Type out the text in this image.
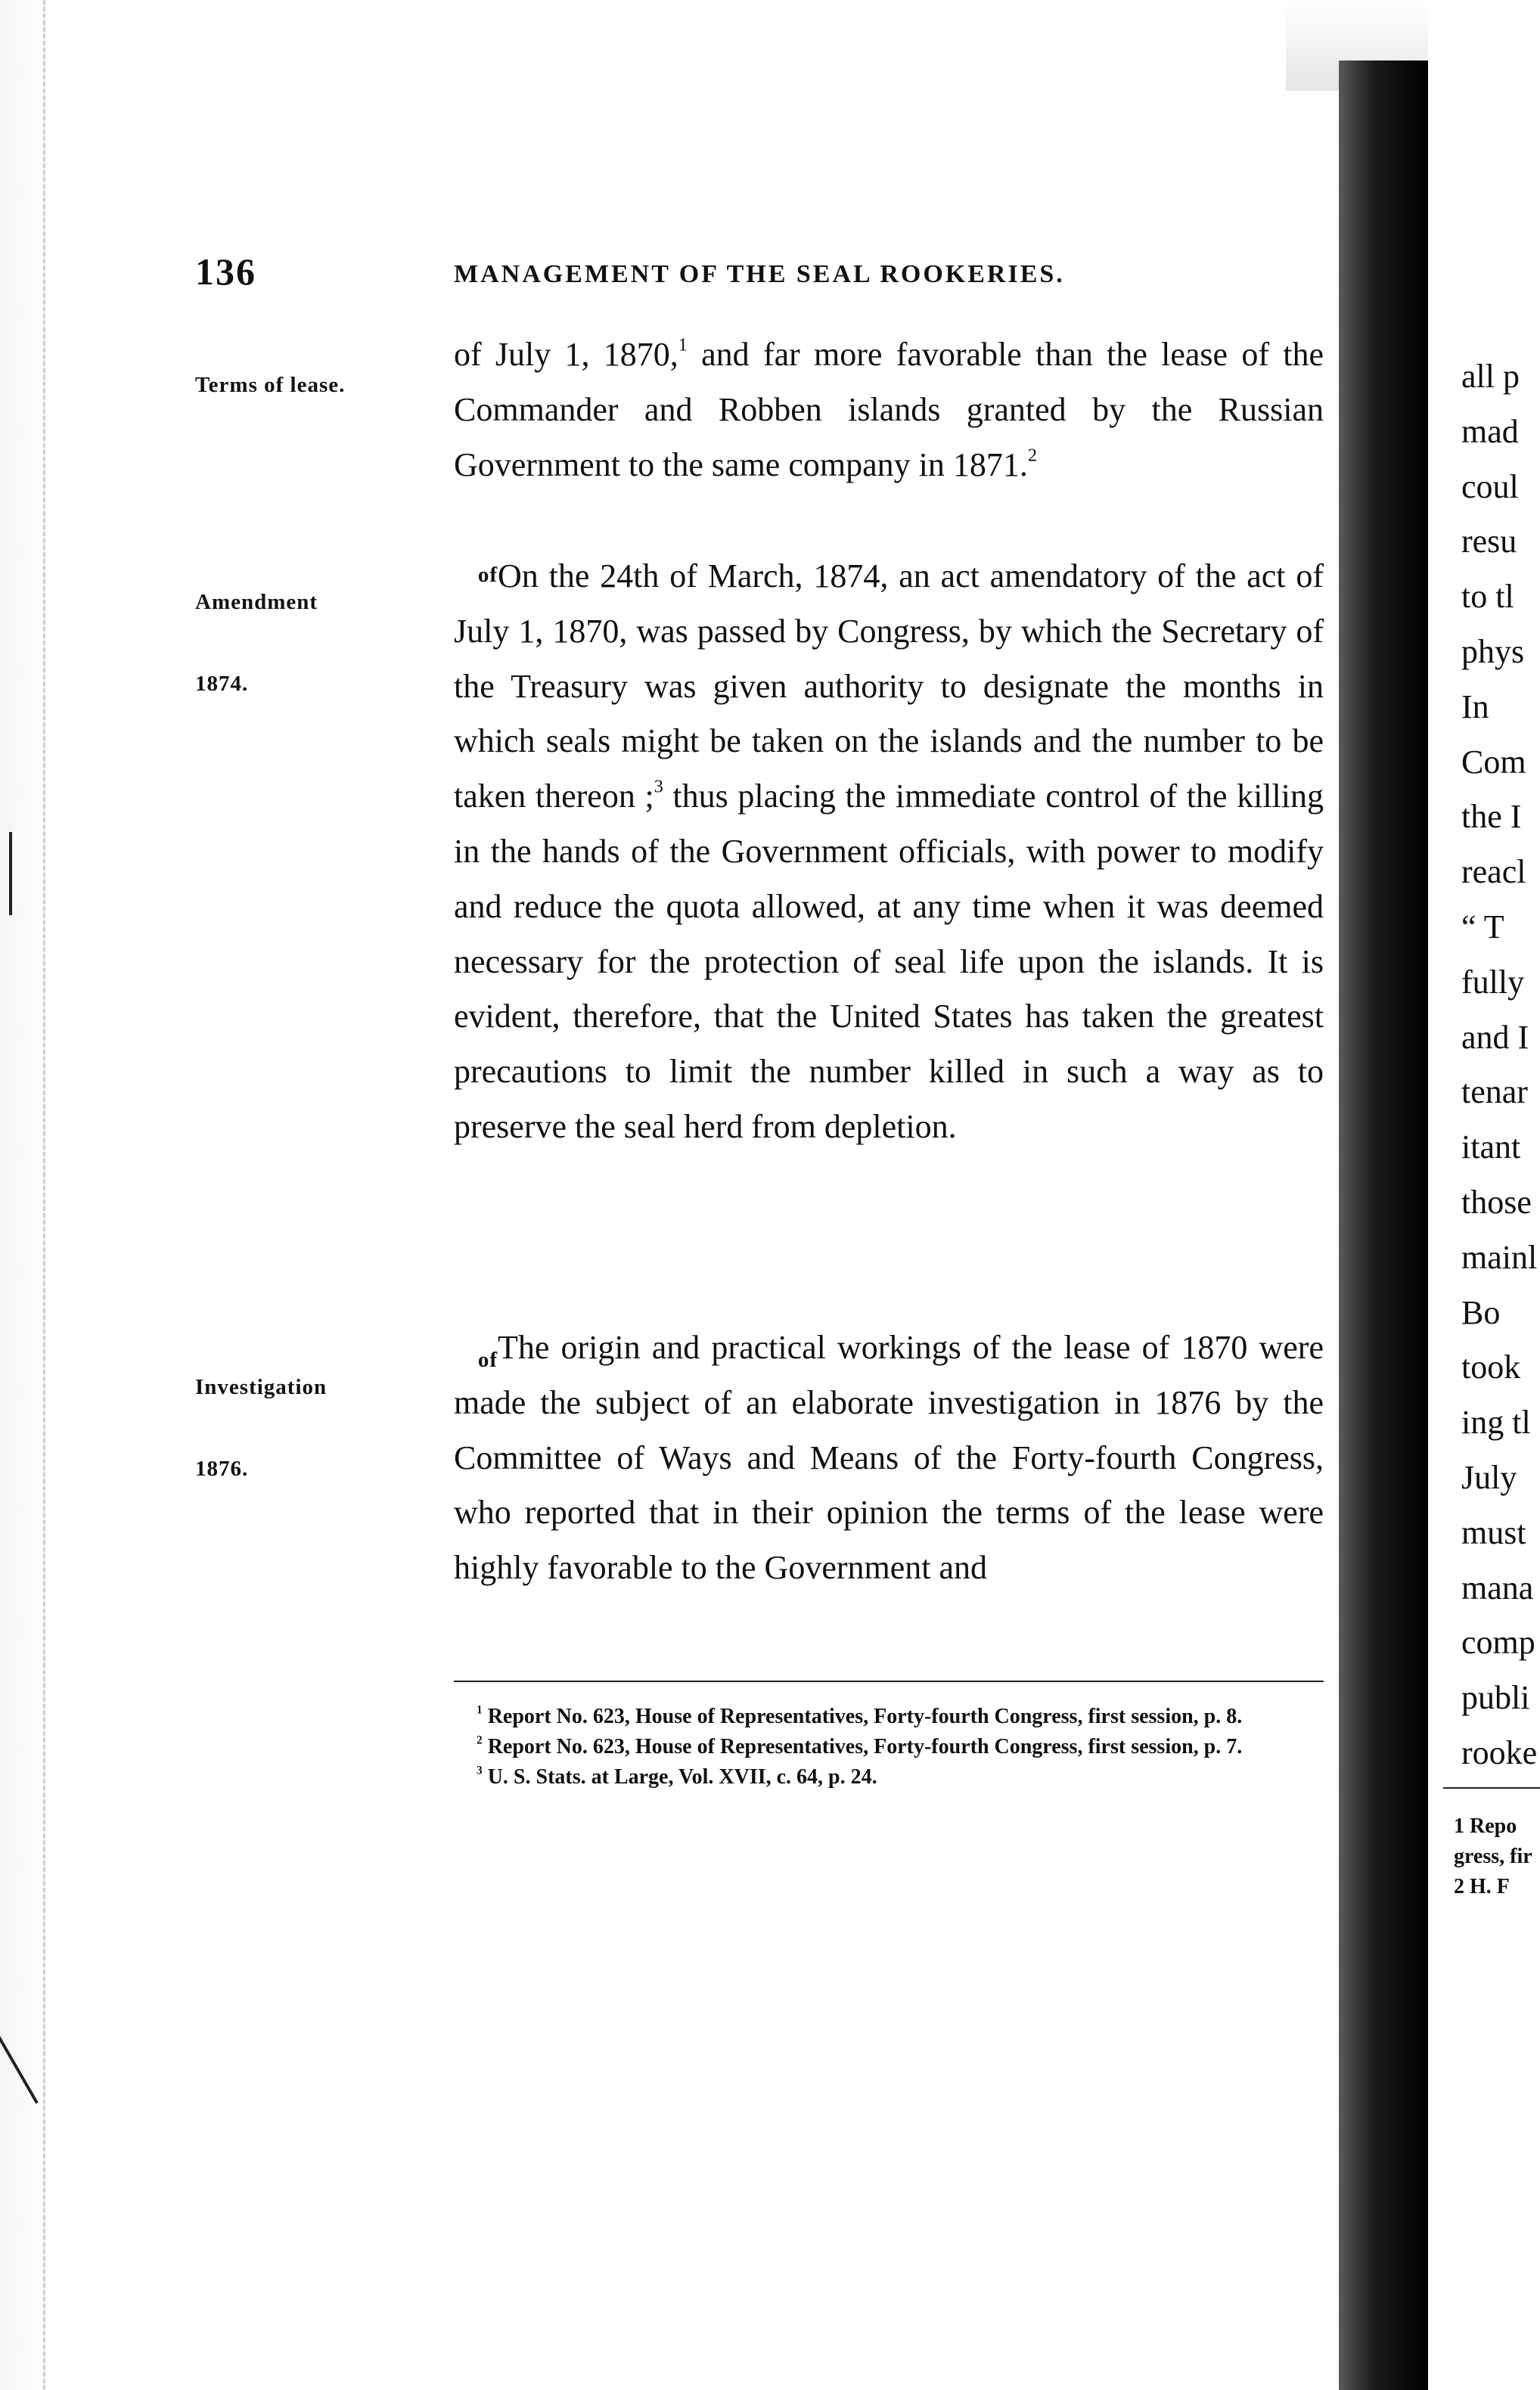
136	MANAGEMENT OF THE SEAL ROOKERIES.

Terms of lease.

Amendment

of

1874.

Investigation

of

1876.

of July 1, 1870,$^1$ and far more favorable than the lease of the Commander and Robben islands granted by the Russian Government to the same company in 1871.$^2$
On the 24th of March, 1874, an act amendatory of the act of July 1, 1870, was passed by Congress, by which the Secretary of the Treasury was given authority to designate the months in which seals might be taken on the islands and the number to be taken thereon ;$^3$ thus placing the immediate control of the killing in the hands of the Government officials, with power to modify and reduce the quota allowed, at any time when it was deemed necessary for the protection of seal life upon the islands. It is evident, therefore, that the United States has taken the greatest precautions to limit the number killed in such a way as to preserve the seal herd from depletion.
The origin and practical workings of the lease of 1870 were made the subject of an elaborate investigation in 1876 by the Committee of Ways and Means of the Forty-fourth Congress, who reported that in their opinion the terms of the lease were highly favorable to the Government and

$^1$ Report No. 623, House of Representatives, Forty-fourth Congress, first session, p. 8.

$^2$ Report No. 623, House of Representatives, Forty-fourth Congress, first session, p. 7.

$^3$ U. S. Stats. at Large, Vol. XVII, c. 64, p. 24.

all p
mad
coul
resu
to tl
phys
In
Com
the I
reacl
“ T
fully
and I
tenar
itant
those
mainl
Bo
took
ing tl
July
must
mana
comp
publi
rooke
1 Repo
gress, fir
2 H. F
